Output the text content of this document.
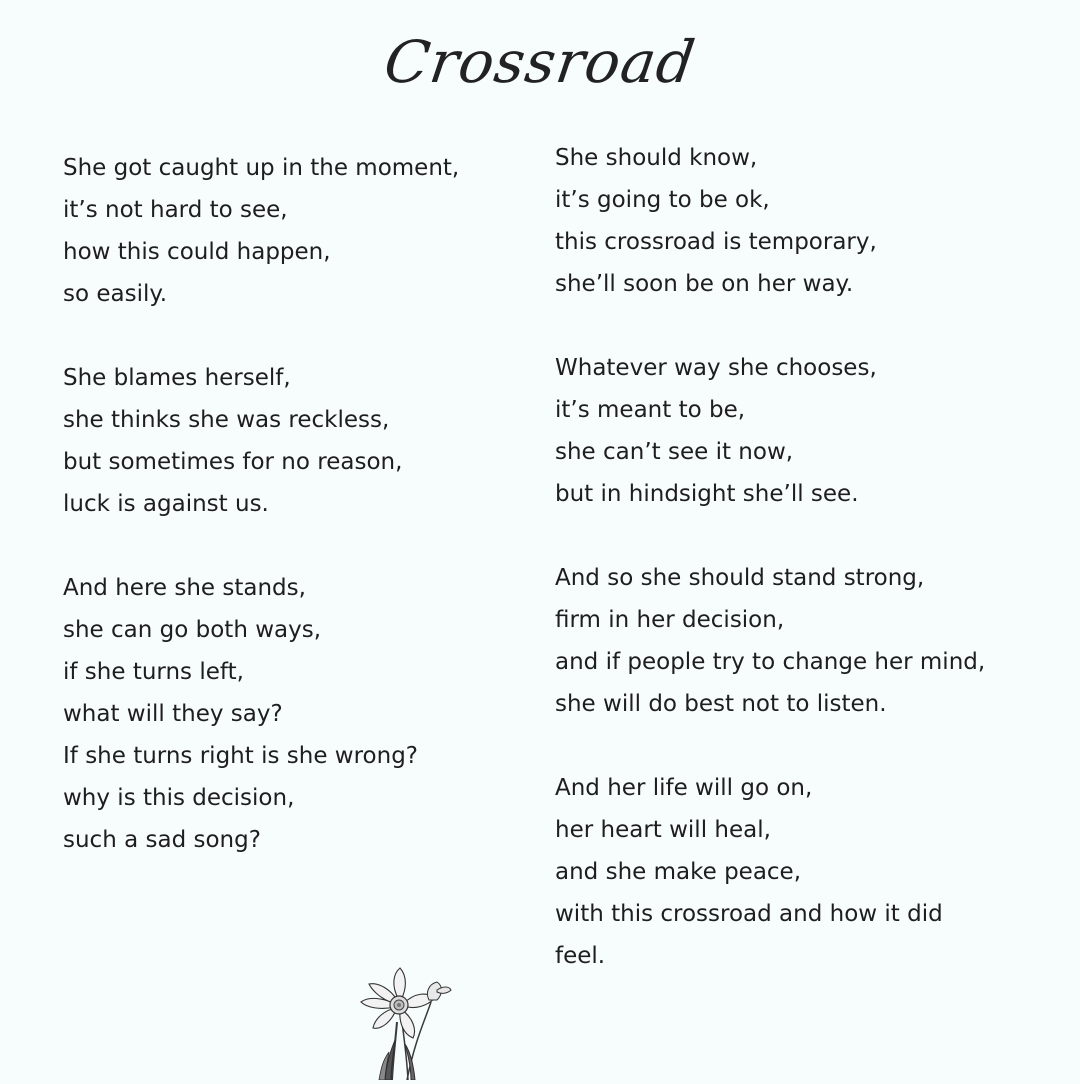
Crossroad
She got caught up in the moment,
it’s not hard to see,
how this could happen,
so easily.
She blames herself,
she thinks she was reckless,
but sometimes for no reason,
luck is against us.
And here she stands,
she can go both ways,
if she turns left,
what will they say?
If she turns right is she wrong?
why is this decision,
such a sad song?
She should know,
it’s going to be ok,
this crossroad is temporary,
she’ll soon be on her way.
Whatever way she chooses,
it’s meant to be,
she can’t see it now,
but in hindsight she’ll see.
And so she should stand strong,
firm in her decision,
and if people try to change her mind,
she will do best not to listen.
And her life will go on,
her heart will heal,
and she make peace,
with this crossroad and how it did
feel.
